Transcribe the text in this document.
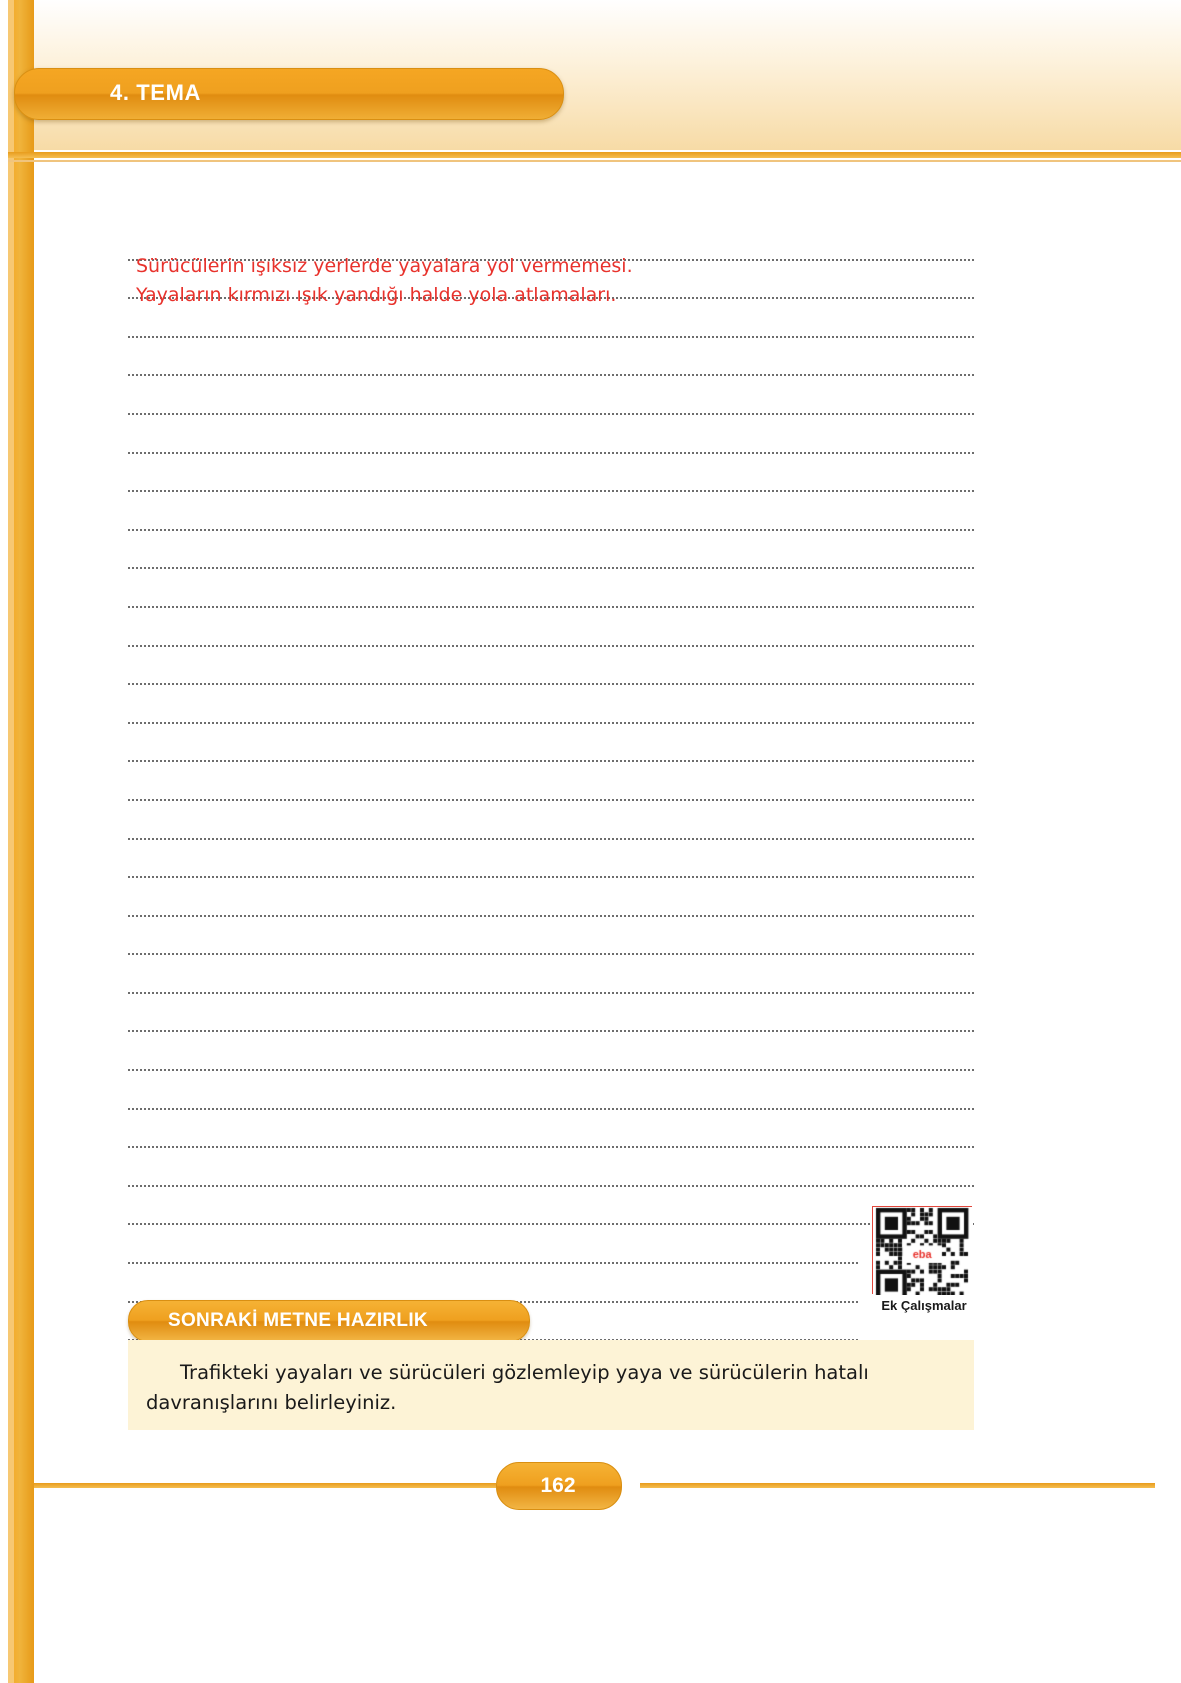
4. TEMA
Sürücülerin ışıksız yerlerde yayalara yol vermemesi.
Yayaların kırmızı ışık yandığı halde yola atlamaları.
Ek Çalışmalar
SONRAKİ METNE HAZIRLIK
Trafikteki yayaları ve sürücüleri gözlemleyip yaya ve sürücülerin hatalı davranışlarını belirleyiniz.
162
